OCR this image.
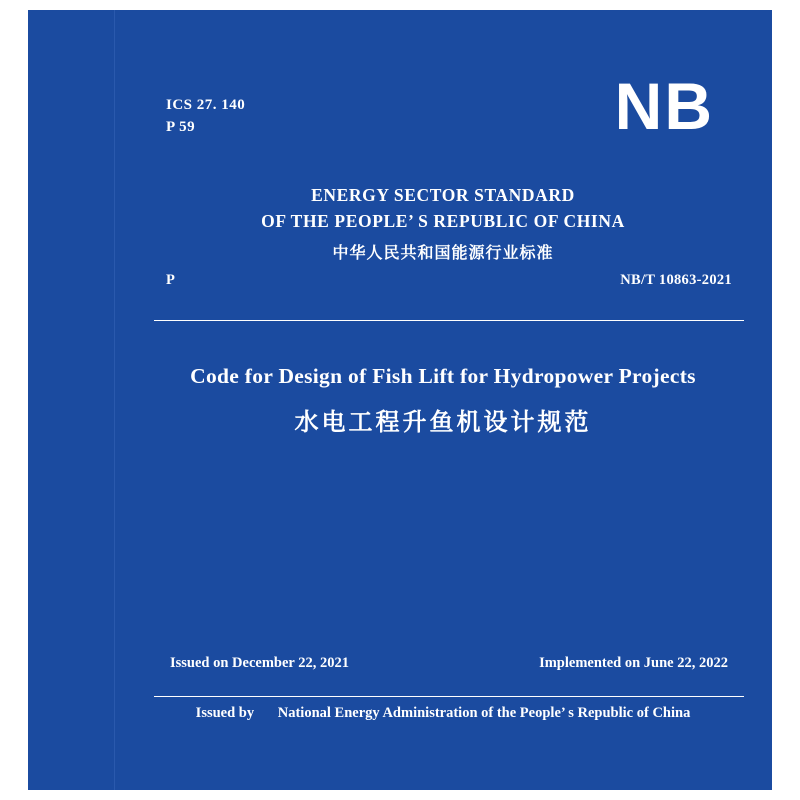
ICS 27. 140
P 59	NB
ENERGY SECTOR STANDARD
OF THE PEOPLE’ S REPUBLIC OF CHINA
中华人民共和国能源行业标准
P	NB/T 10863-2021
Code for Design of Fish Lift for Hydropower Projects
水电工程升鱼机设计规范
Issued on December 22, 2021	Implemented on June 22, 2022
Issued by National Energy Administration of the People’ s Republic of China
